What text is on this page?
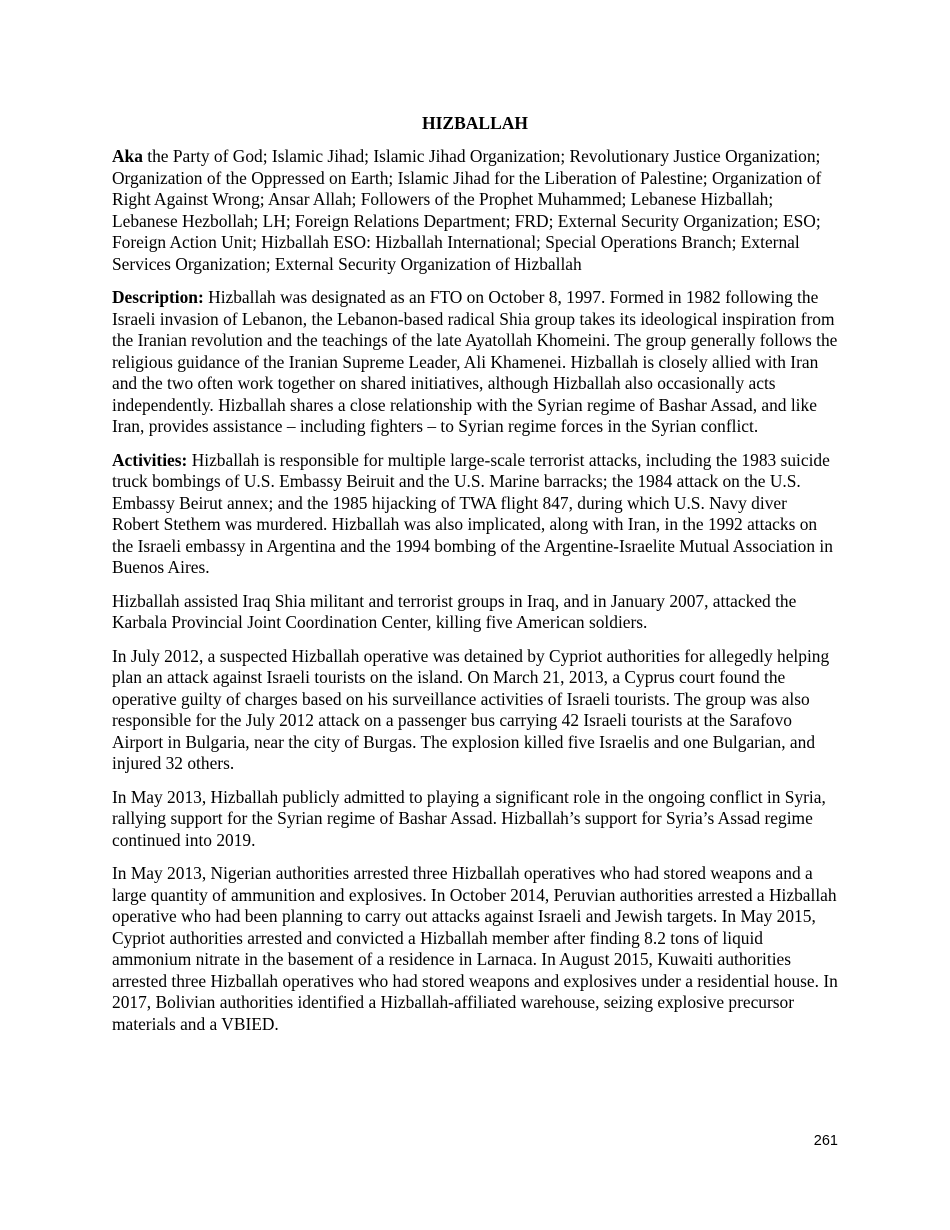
HIZBALLAH

Aka the Party of God; Islamic Jihad; Islamic Jihad Organization; Revolutionary Justice Organization; Organization of the Oppressed on Earth; Islamic Jihad for the Liberation of Palestine; Organization of Right Against Wrong; Ansar Allah; Followers of the Prophet Muhammed; Lebanese Hizballah; Lebanese Hezbollah; LH; Foreign Relations Department; FRD; External Security Organization; ESO; Foreign Action Unit; Hizballah ESO: Hizballah International; Special Operations Branch; External Services Organization; External Security Organization of Hizballah

Description: Hizballah was designated as an FTO on October 8, 1997. Formed in 1982 following the Israeli invasion of Lebanon, the Lebanon-based radical Shia group takes its ideological inspiration from the Iranian revolution and the teachings of the late Ayatollah Khomeini. The group generally follows the religious guidance of the Iranian Supreme Leader, Ali Khamenei. Hizballah is closely allied with Iran and the two often work together on shared initiatives, although Hizballah also occasionally acts independently. Hizballah shares a close relationship with the Syrian regime of Bashar Assad, and like Iran, provides assistance – including fighters – to Syrian regime forces in the Syrian conflict.

Activities: Hizballah is responsible for multiple large-scale terrorist attacks, including the 1983 suicide truck bombings of U.S. Embassy Beiruit and the U.S. Marine barracks; the 1984 attack on the U.S. Embassy Beirut annex; and the 1985 hijacking of TWA flight 847, during which U.S. Navy diver Robert Stethem was murdered. Hizballah was also implicated, along with Iran, in the 1992 attacks on the Israeli embassy in Argentina and the 1994 bombing of the Argentine-Israelite Mutual Association in Buenos Aires.

Hizballah assisted Iraq Shia militant and terrorist groups in Iraq, and in January 2007, attacked the Karbala Provincial Joint Coordination Center, killing five American soldiers.

In July 2012, a suspected Hizballah operative was detained by Cypriot authorities for allegedly helping plan an attack against Israeli tourists on the island. On March 21, 2013, a Cyprus court found the operative guilty of charges based on his surveillance activities of Israeli tourists. The group was also responsible for the July 2012 attack on a passenger bus carrying 42 Israeli tourists at the Sarafovo Airport in Bulgaria, near the city of Burgas. The explosion killed five Israelis and one Bulgarian, and injured 32 others.

In May 2013, Hizballah publicly admitted to playing a significant role in the ongoing conflict in Syria, rallying support for the Syrian regime of Bashar Assad. Hizballah’s support for Syria’s Assad regime continued into 2019.

In May 2013, Nigerian authorities arrested three Hizballah operatives who had stored weapons and a large quantity of ammunition and explosives. In October 2014, Peruvian authorities arrested a Hizballah operative who had been planning to carry out attacks against Israeli and Jewish targets. In May 2015, Cypriot authorities arrested and convicted a Hizballah member after finding 8.2 tons of liquid ammonium nitrate in the basement of a residence in Larnaca. In August 2015, Kuwaiti authorities arrested three Hizballah operatives who had stored weapons and explosives under a residential house. In 2017, Bolivian authorities identified a Hizballah-affiliated warehouse, seizing explosive precursor materials and a VBIED.

261
